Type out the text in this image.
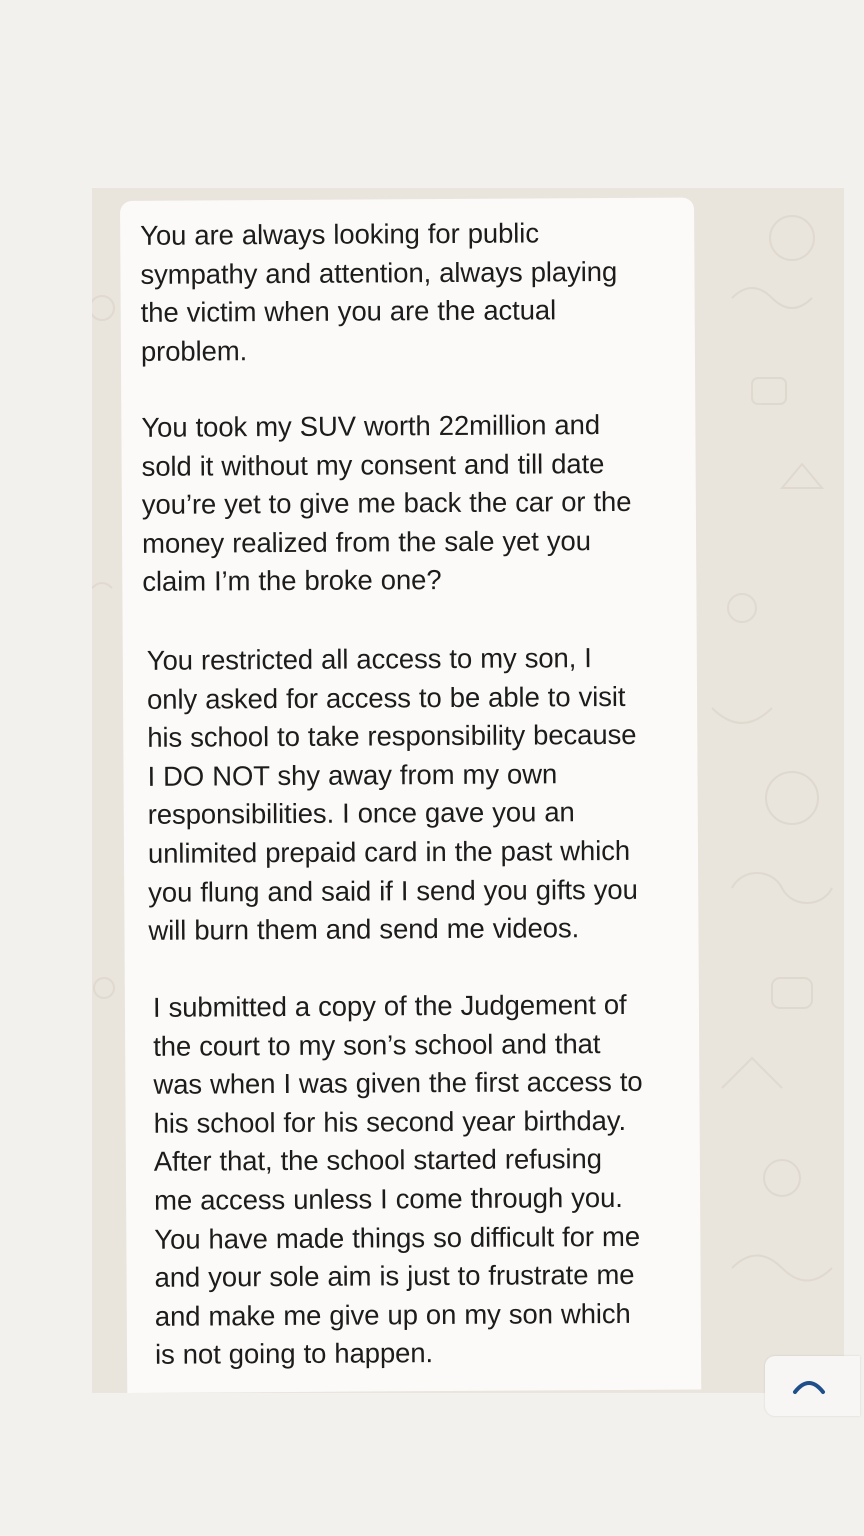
You are always looking for public
sympathy and attention, always playing
the victim when you are the actual
problem.

You took my SUV worth 22million and
sold it without my consent and till date
you’re yet to give me back the car or the
money realized from the sale yet you
claim I’m the broke one?

You restricted all access to my son, I
only asked for access to be able to visit
his school to take responsibility because
I DO NOT shy away from my own
responsibilities. I once gave you an
unlimited prepaid card in the past which
you flung and said if I send you gifts you
will burn them and send me videos.

I submitted a copy of the Judgement of
the court to my son’s school and that
was when I was given the first access to
his school for his second year birthday.
After that, the school started refusing
me access unless I come through you.
You have made things so difficult for me
and your sole aim is just to frustrate me
and make me give up on my son which
is not going to happen.
